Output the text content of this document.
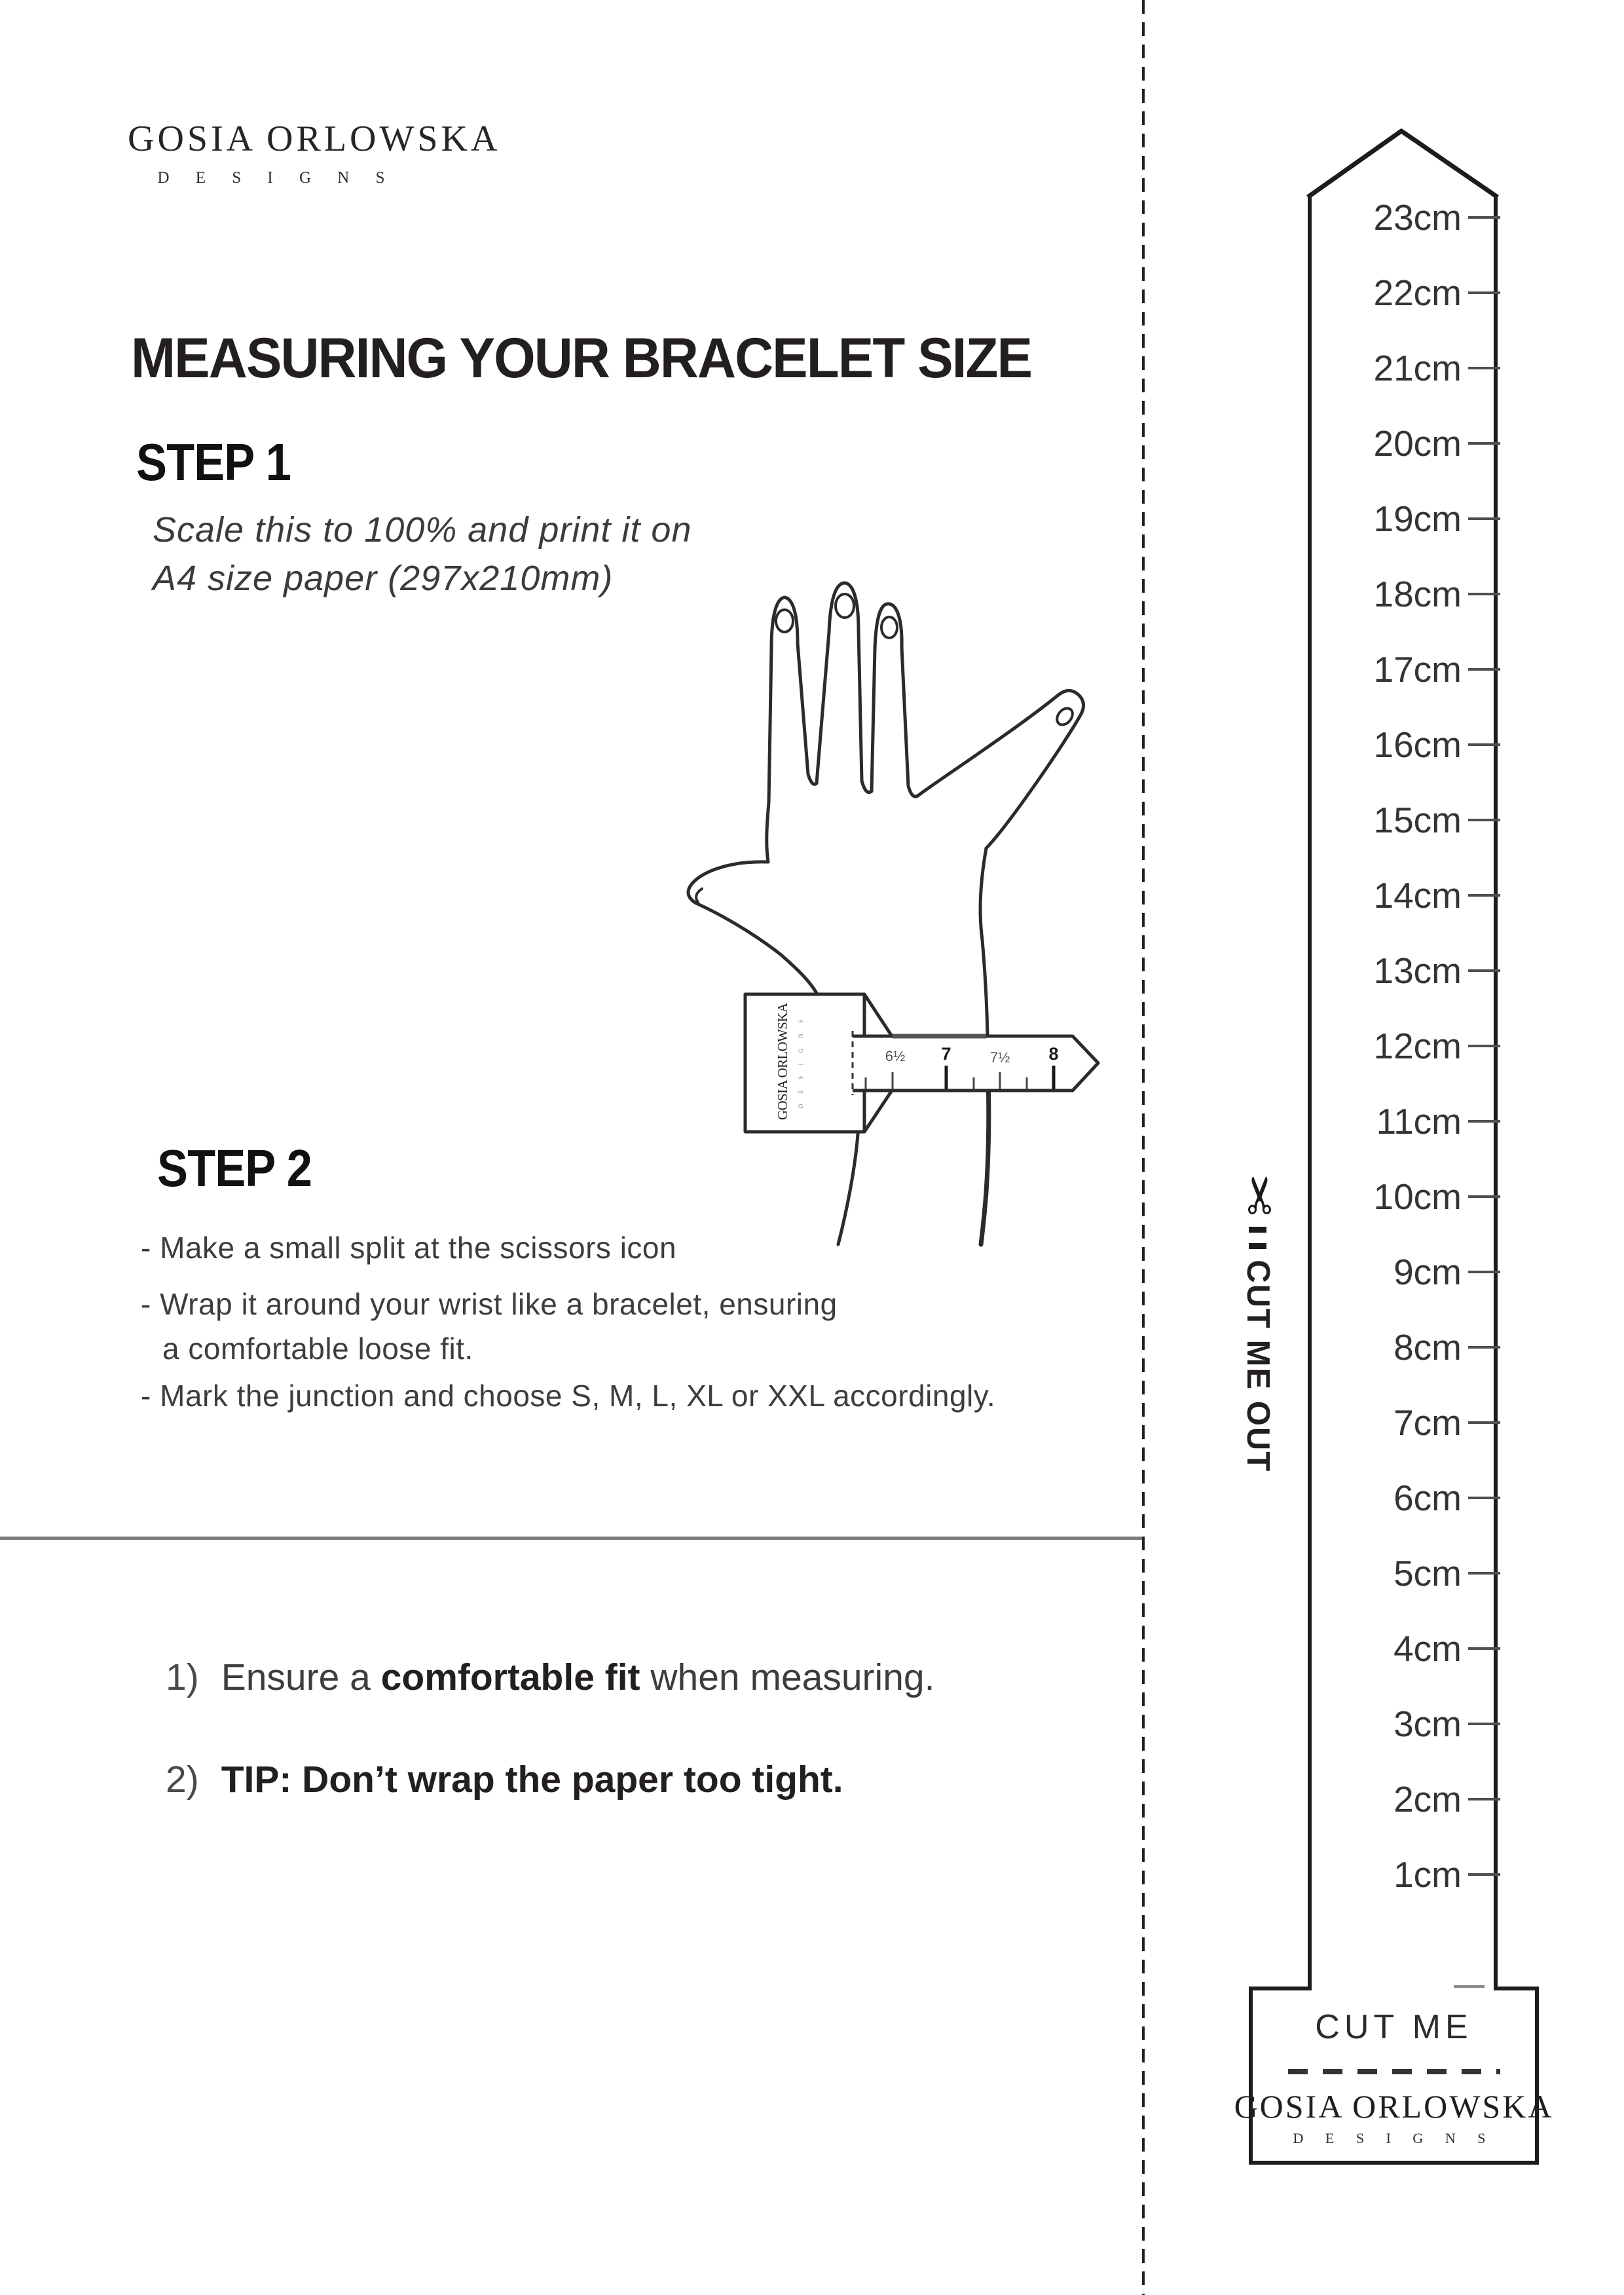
GOSIA ORLOWSKA
D E S I G N S
MEASURING YOUR BRACELET SIZE
STEP 1
Scale this to 100% and print it on
A4 size paper (297x210mm)
6½ 7	7½ 8
GOSIA ORLOWSKA
DESIGNS
STEP 2
- Make a small split at the scissors icon
- Wrap it around your wrist like a bracelet, ensuring
a comfortable loose fit.
- Mark the junction and choose S, M, L, XL or XXL accordingly.
1) Ensure a comfortable fit when measuring.
2) TIP: Don’t wrap the paper too tight.
✂
CUT ME OUT
23cm
22cm
21cm
20cm
19cm
18cm
17cm
16cm
15cm
14cm
13cm
12cm
11cm
10cm
9cm
8cm
7cm
6cm
5cm
4cm
3cm
2cm
1cm
CUT ME
GOSIA ORLOWSKA
D E S I G N S
